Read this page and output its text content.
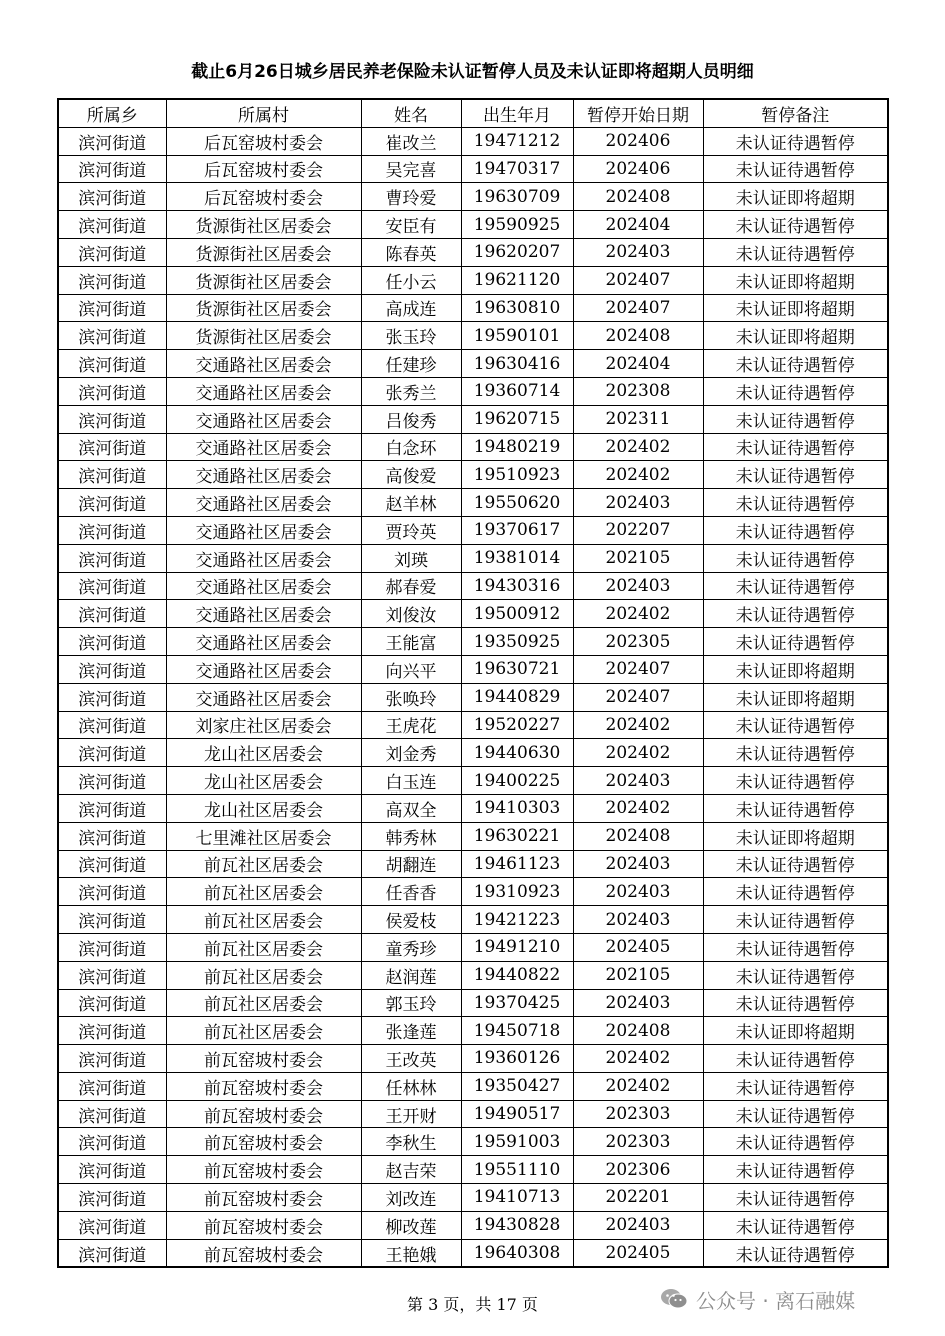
截止6月26日城乡居民养老保险未认证暂停人员及未认证即将超期人员明细
所属乡	所属村	姓名	出生年月	暂停开始日期	暂停备注
滨河街道	后瓦窑坡村委会	崔改兰	19471212	202406	未认证待遇暂停
滨河街道	后瓦窑坡村委会	吴完喜	19470317	202406	未认证待遇暂停
滨河街道	后瓦窑坡村委会	曹玲爱	19630709	202408	未认证即将超期
滨河街道	货源街社区居委会	安臣有	19590925	202404	未认证待遇暂停
滨河街道	货源街社区居委会	陈春英	19620207	202403	未认证待遇暂停
滨河街道	货源街社区居委会	任小云	19621120	202407	未认证即将超期
滨河街道	货源街社区居委会	高成连	19630810	202407	未认证即将超期
滨河街道	货源街社区居委会	张玉玲	19590101	202408	未认证即将超期
滨河街道	交通路社区居委会	任建珍	19630416	202404	未认证待遇暂停
滨河街道	交通路社区居委会	张秀兰	19360714	202308	未认证待遇暂停
滨河街道	交通路社区居委会	吕俊秀	19620715	202311	未认证待遇暂停
滨河街道	交通路社区居委会	白念环	19480219	202402	未认证待遇暂停
滨河街道	交通路社区居委会	高俊爱	19510923	202402	未认证待遇暂停
滨河街道	交通路社区居委会	赵羊林	19550620	202403	未认证待遇暂停
滨河街道	交通路社区居委会	贾玲英	19370617	202207	未认证待遇暂停
滨河街道	交通路社区居委会	刘瑛	19381014	202105	未认证待遇暂停
滨河街道	交通路社区居委会	郝春爱	19430316	202403	未认证待遇暂停
滨河街道	交通路社区居委会	刘俊汝	19500912	202402	未认证待遇暂停
滨河街道	交通路社区居委会	王能富	19350925	202305	未认证待遇暂停
滨河街道	交通路社区居委会	向兴平	19630721	202407	未认证即将超期
滨河街道	交通路社区居委会	张唤玲	19440829	202407	未认证即将超期
滨河街道	刘家庄社区居委会	王虎花	19520227	202402	未认证待遇暂停
滨河街道	龙山社区居委会	刘金秀	19440630	202402	未认证待遇暂停
滨河街道	龙山社区居委会	白玉连	19400225	202403	未认证待遇暂停
滨河街道	龙山社区居委会	高双全	19410303	202402	未认证待遇暂停
滨河街道	七里滩社区居委会	韩秀林	19630221	202408	未认证即将超期
滨河街道	前瓦社区居委会	胡翻连	19461123	202403	未认证待遇暂停
滨河街道	前瓦社区居委会	任香香	19310923	202403	未认证待遇暂停
滨河街道	前瓦社区居委会	侯爱枝	19421223	202403	未认证待遇暂停
滨河街道	前瓦社区居委会	童秀珍	19491210	202405	未认证待遇暂停
滨河街道	前瓦社区居委会	赵润莲	19440822	202105	未认证待遇暂停
滨河街道	前瓦社区居委会	郭玉玲	19370425	202403	未认证待遇暂停
滨河街道	前瓦社区居委会	张逢莲	19450718	202408	未认证即将超期
滨河街道	前瓦窑坡村委会	王改英	19360126	202402	未认证待遇暂停
滨河街道	前瓦窑坡村委会	任林林	19350427	202402	未认证待遇暂停
滨河街道	前瓦窑坡村委会	王开财	19490517	202303	未认证待遇暂停
滨河街道	前瓦窑坡村委会	李秋生	19591003	202303	未认证待遇暂停
滨河街道	前瓦窑坡村委会	赵吉荣	19551110	202306	未认证待遇暂停
滨河街道	前瓦窑坡村委会	刘改连	19410713	202201	未认证待遇暂停
滨河街道	前瓦窑坡村委会	柳改莲	19430828	202403	未认证待遇暂停
滨河街道	前瓦窑坡村委会	王艳娥	19640308	202405	未认证待遇暂停
第 3 页，共 17 页	公众号 · 离石融媒
